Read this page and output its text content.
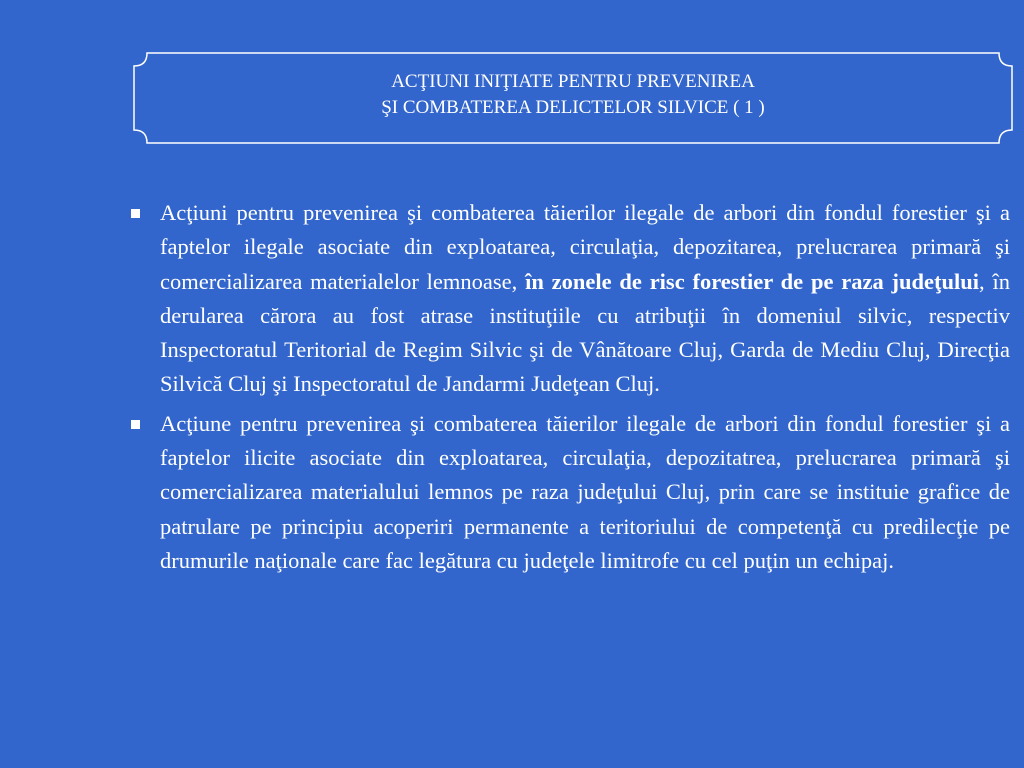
ACŢIUNI INIŢIATE PENTRU PREVENIREA
ŞI COMBATEREA DELICTELOR SILVICE ( 1 )
Acţiuni pentru prevenirea şi combaterea tăierilor ilegale de arbori din fondul forestier şi a faptelor ilegale asociate din exploatarea, circulaţia, depozitarea, prelucrarea primară şi comercializarea materialelor lemnoase, în zonele de risc forestier de pe raza judeţului, în derularea cărora au fost atrase instituţiile cu atribuţii în domeniul silvic, respectiv Inspectoratul Teritorial de Regim Silvic şi de Vânătoare Cluj, Garda de Mediu Cluj, Direcţia Silvică Cluj şi Inspectoratul de Jandarmi Judeţean Cluj.
Acţiune pentru prevenirea şi combaterea tăierilor ilegale de arbori din fondul forestier şi a faptelor ilicite asociate din exploatarea, circulaţia, depozitatrea, prelucrarea primară şi comercializarea materialului lemnos pe raza judeţului Cluj, prin care se instituie grafice de patrulare pe principiu acoperiri permanente a teritoriului de competenţă cu predilecţie pe drumurile naţionale care fac legătura cu judeţele limitrofe cu cel puţin un echipaj.
